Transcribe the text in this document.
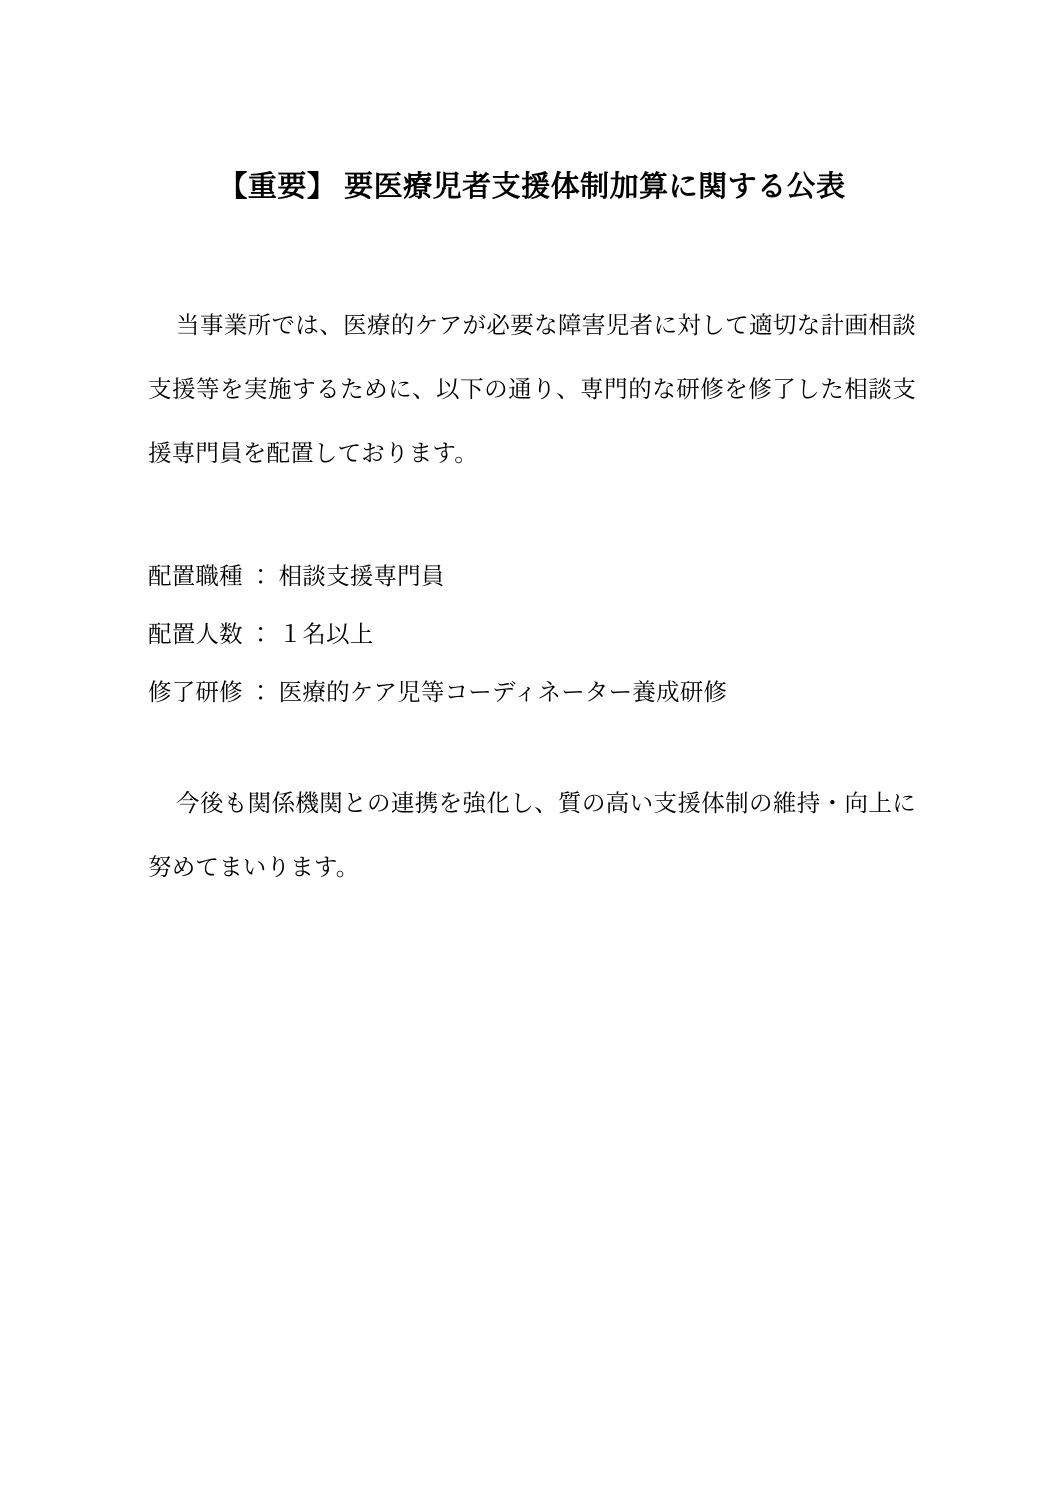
【重要】 要医療児者支援体制加算に関する公表

当事業所では、医療的ケアが必要な障害児者に対して適切な計画相談支援等を実施するために、以下の通り、専門的な研修を修了した相談支援専門員を配置しております。

配置職種 ： 相談支援専門員
配置人数 ： １名以上
修了研修 ： 医療的ケア児等コーディネーター養成研修

今後も関係機関との連携を強化し、質の高い支援体制の維持・向上に努めてまいります。
